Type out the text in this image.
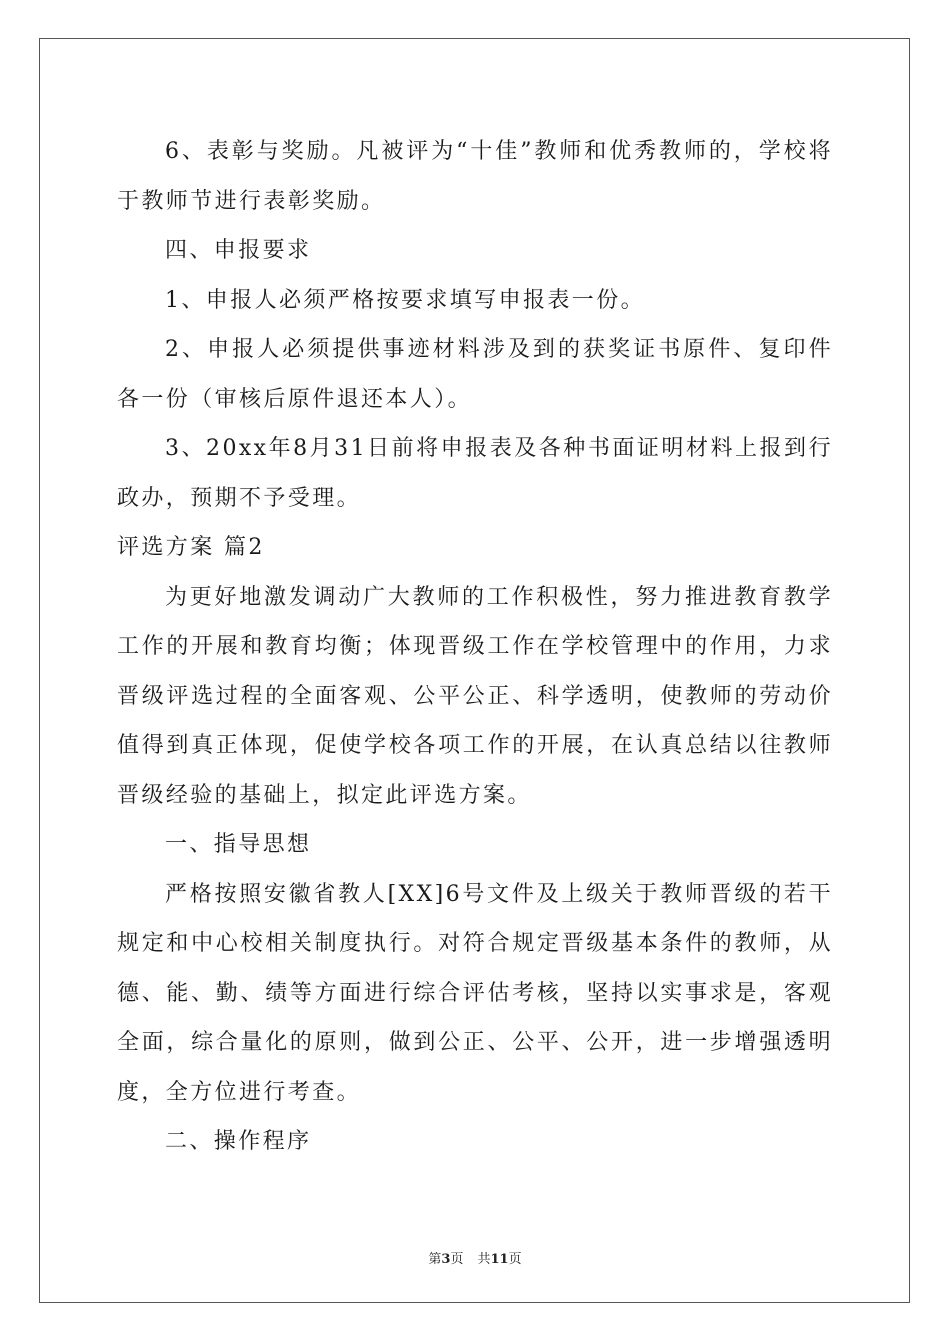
6、表彰与奖励。凡被评为“十佳”教师和优秀教师的，学校将于教师节进行表彰奖励。

四、申报要求

1、申报人必须严格按要求填写申报表一份。

2、申报人必须提供事迹材料涉及到的获奖证书原件、复印件各一份（审核后原件退还本人）。

3、20xx年8月31日前将申报表及各种书面证明材料上报到行政办，预期不予受理。

评选方案 篇2

为更好地激发调动广大教师的工作积极性，努力推进教育教学工作的开展和教育均衡；体现晋级工作在学校管理中的作用，力求晋级评选过程的全面客观、公平公正、科学透明，使教师的劳动价值得到真正体现，促使学校各项工作的开展，在认真总结以往教师晋级经验的基础上，拟定此评选方案。

一、指导思想

严格按照安徽省教人[XX]6号文件及上级关于教师晋级的若干规定和中心校相关制度执行。对符合规定晋级基本条件的教师，从德、能、勤、绩等方面进行综合评估考核，坚持以实事求是，客观全面，综合量化的原则，做到公正、公平、公开，进一步增强透明度，全方位进行考查。

二、操作程序

第3页 共11页
